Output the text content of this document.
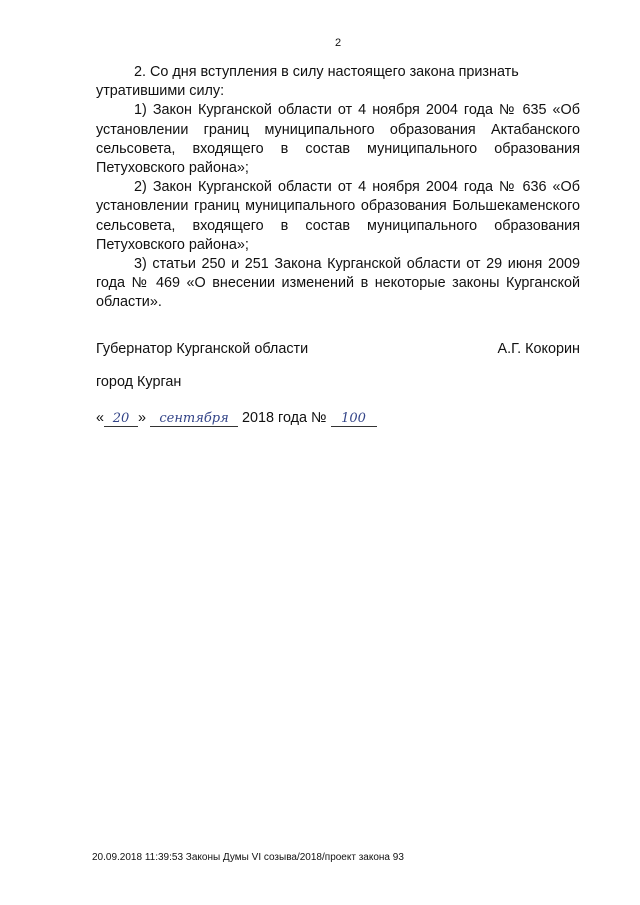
2

2. Со дня вступления в силу настоящего закона признать

утратившими силу:

1) Закон Курганской области от 4 ноября 2004 года № 635 «Об установлении границ муниципального образования Актабанского сельсовета, входящего в состав муниципального образования Петуховского района»;

2) Закон Курганской области от 4 ноября 2004 года № 636 «Об установлении границ муниципального образования Большекаменского сельсовета, входящего в состав муниципального образования Петуховского района»;

3) статьи 250 и 251 Закона Курганской области от 29 июня 2009 года № 469 «О внесении изменений в некоторые законы Курганской области».

Губернатор Курганской области	А.Г. Кокорин
город Курган
« 20 » сентября 2018 года № 100
20.09.2018 11:39:53 Законы Думы VI созыва/2018/проект закона 93
